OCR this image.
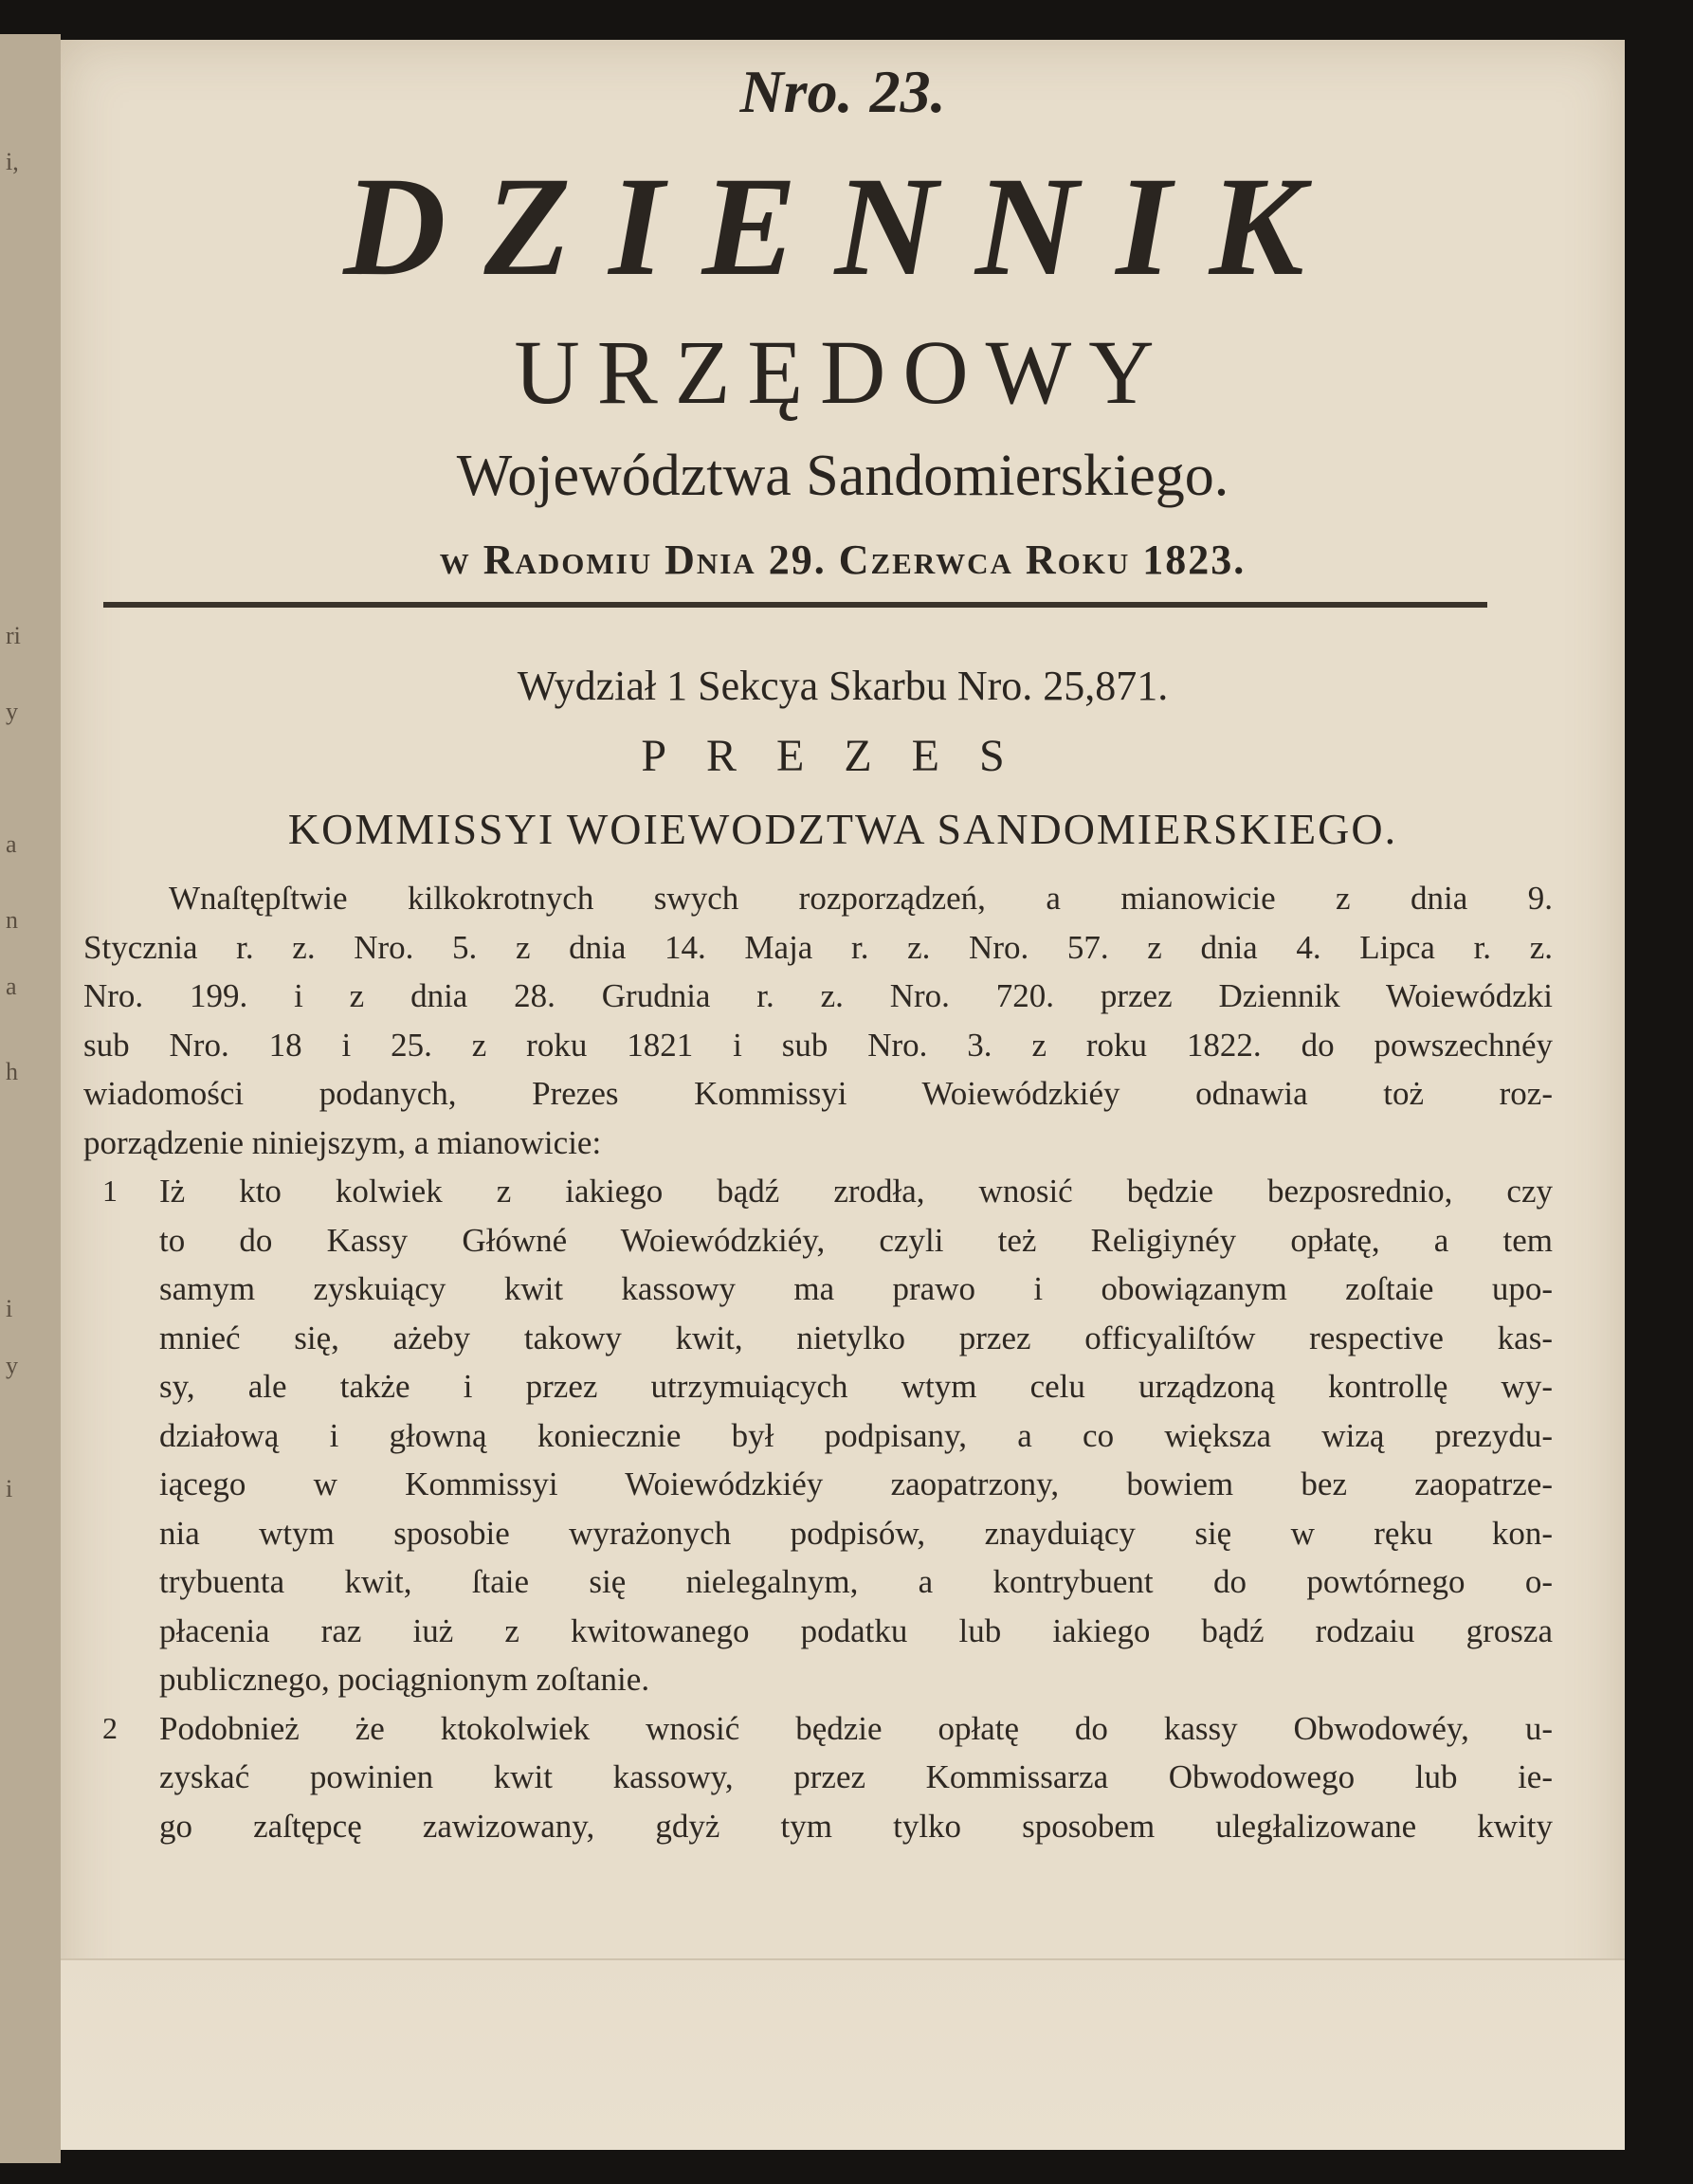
i,
ri
y
a
n
a
h
i
y
i
Nro. 23.
DZIENNIK
URZĘDOWY
Województwa Sandomierskiego.
w Radomiu Dnia 29. Czerwca Roku 1823.
Wydział 1 Sekcya Skarbu Nro. 25,871.
PREZES
KOMMISSYI WOIEWODZTWA SANDOMIERSKIEGO.
Wnaſtępſtwie kilkokrotnych swych rozporządzeń, a mianowicie z dnia 9.
Stycznia r. z. Nro. 5. z dnia 14. Maja r. z. Nro. 57. z dnia 4. Lipca r. z.
Nro. 199. i z dnia 28. Grudnia r. z. Nro. 720. przez Dziennik Woiewódzki
sub Nro. 18 i 25. z roku 1821 i sub Nro. 3. z roku 1822. do powszechnéy
wiadomości podanych, Prezes Kommissyi Woiewódzkiéy odnawia toż roz-
porządzenie niniejszym, a mianowicie:
1 Iż kto kolwiek z iakiego bądź zrodła, wnosić będzie bezposrednio, czy
to do Kassy Główné Woiewódzkiéy, czyli też Religiynéy opłatę, a tem
samym zyskuiący kwit kassowy ma prawo i obowiązanym zoſtaie upo-
mnieć się, ażeby takowy kwit, nietylko przez officyaliſtów respective kas-
sy, ale także i przez utrzymuiących wtym celu urządzoną kontrollę wy-
działową i głowną koniecznie był podpisany, a co większa wizą prezydu-
iącego w Kommissyi Woiewódzkiéy zaopatrzony, bowiem bez zaopatrze-
nia wtym sposobie wyrażonych podpisów, znayduiący się w ręku kon-
trybuenta kwit, ſtaie się nielegalnym, a kontrybuent do powtórnego o-
płacenia raz iuż z kwitowanego podatku lub iakiego bądź rodzaiu grosza
publicznego, pociągnionym zoſtanie.
2 Podobnież że ktokolwiek wnosić będzie opłatę do kassy Obwodowéy, u-
zyskać powinien kwit kassowy, przez Kommissarza Obwodowego lub ie-
go zaſtępcę zawizowany, gdyż tym tylko sposobem uległalizowane kwity
